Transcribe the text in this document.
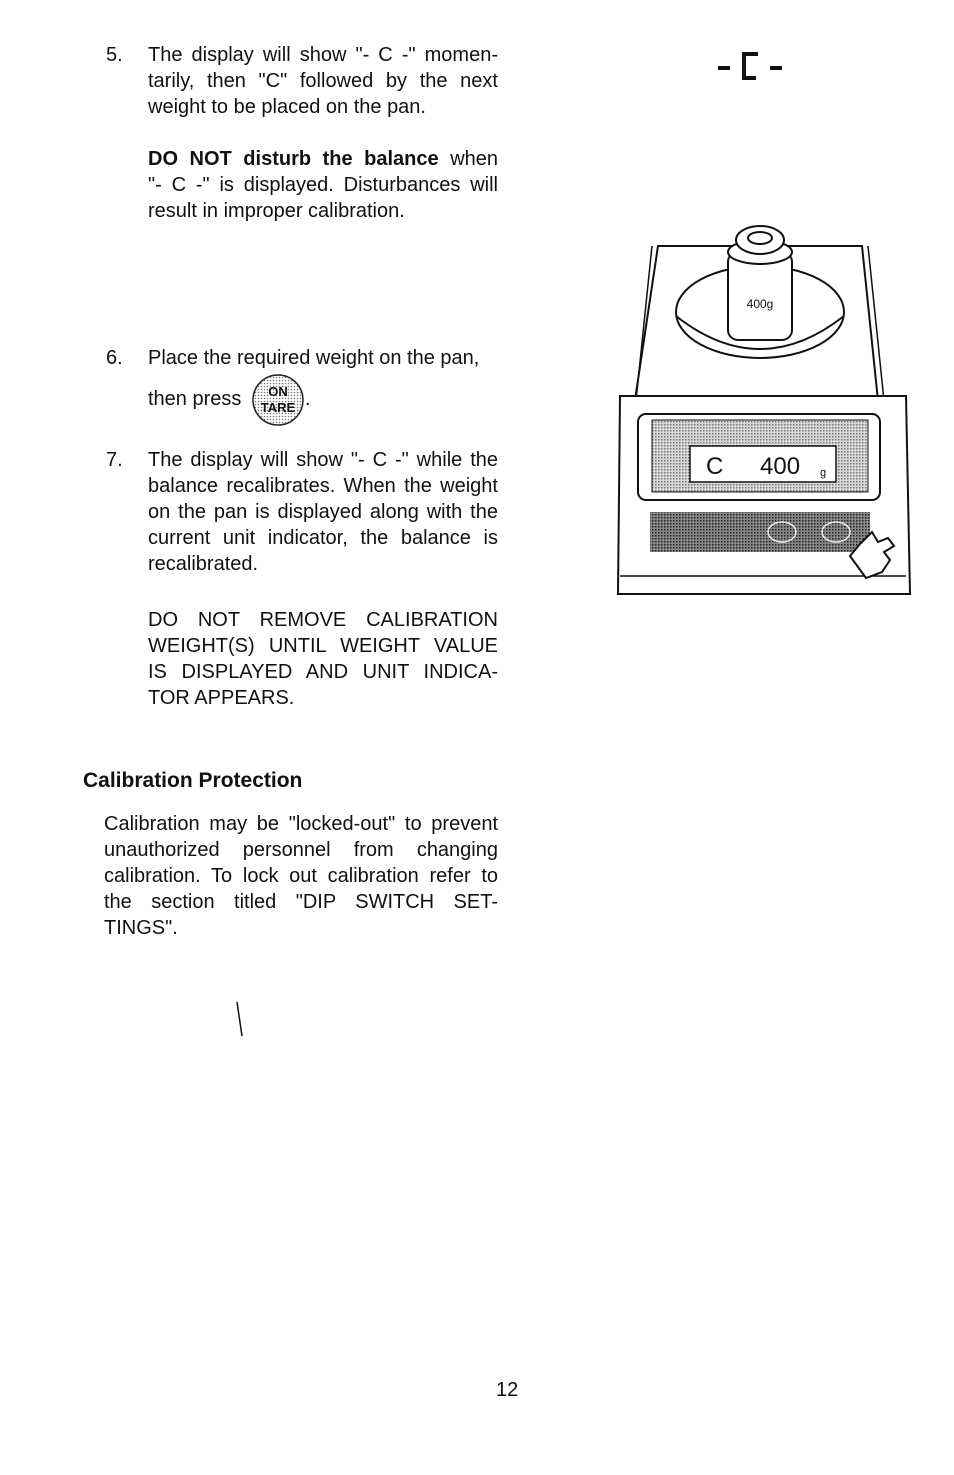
5. The display will show "- C -" momen-
tarily, then "C" followed by the next
weight to be placed on the pan.
DO NOT disturb the balance when
"- C -" is displayed. Disturbances will
result in improper calibration.
6. Place the required weight on the pan,
then press ON
TARE .
7. The display will show "- C -" while the
balance recalibrates. When the weight
on the pan is displayed along with the
current unit indicator, the balance is
recalibrated.
DO NOT REMOVE CALIBRATION
WEIGHT(S) UNTIL WEIGHT VALUE
IS DISPLAYED AND UNIT INDICA-
TOR APPEARS.
Calibration Protection
Calibration may be "locked-out" to prevent
unauthorized personnel from changing
calibration. To lock out calibration refer to
the section titled "DIP SWITCH SET-
TINGS".
400g
C 400 g
12
